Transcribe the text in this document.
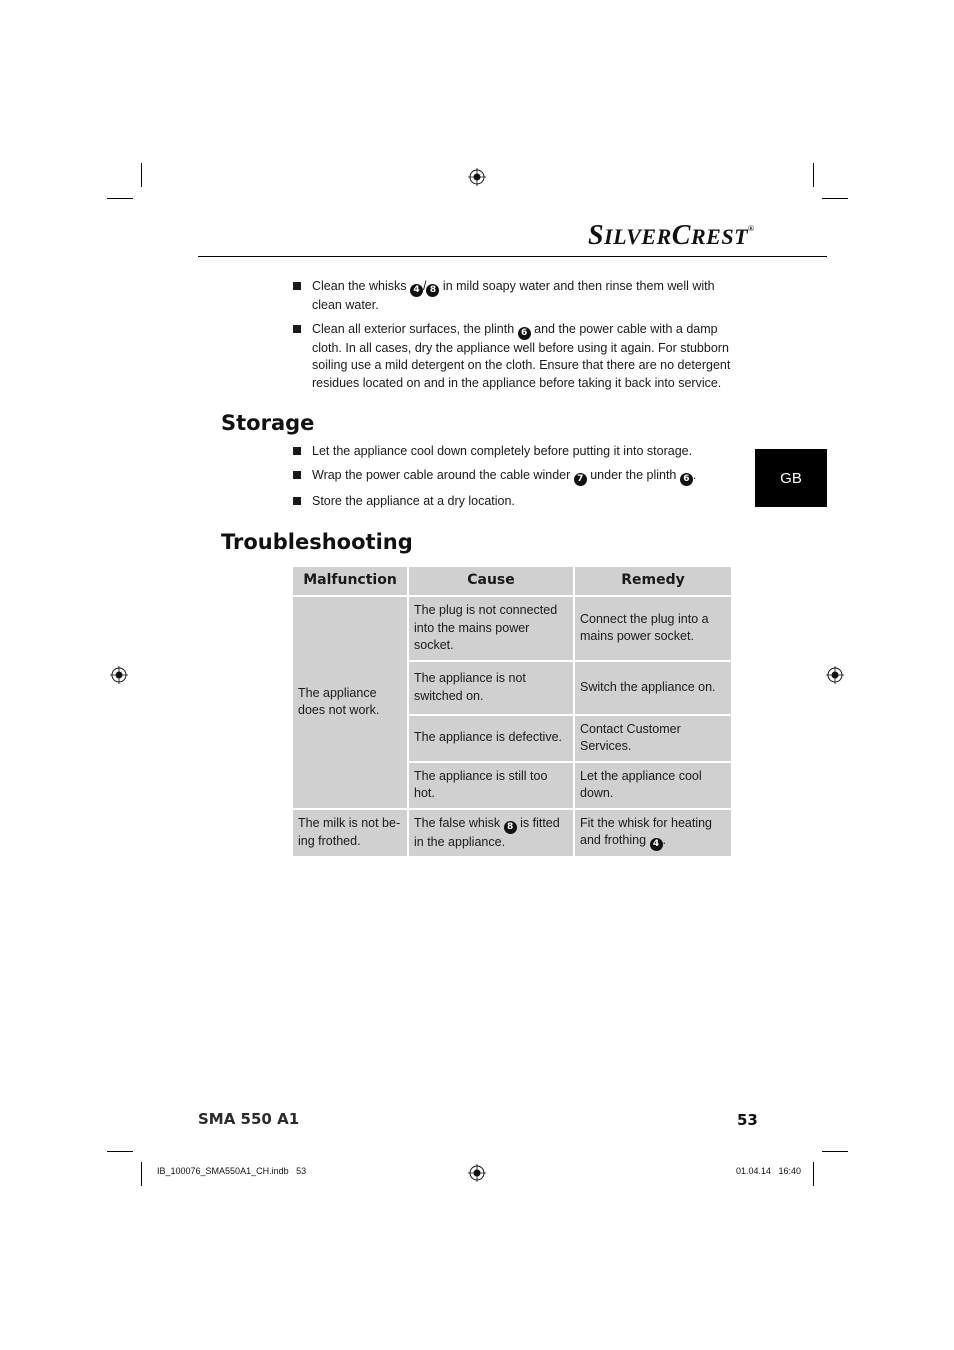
SILVERCREST®
Clean the whisks 4 / 8 in mild soapy water and then rinse them well with clean water.
Clean all exterior surfaces, the plinth 6 and the power cable with a damp cloth. In all cases, dry the appliance well before using it again. For stubborn soiling use a mild detergent on the cloth. Ensure that there are no detergent residues located on and in the appliance before taking it back into service.
Storage
Let the appliance cool down completely before putting it into storage.
Wrap the power cable around the cable winder 7 under the plinth 6 .
Store the appliance at a dry location.
GB
Troubleshooting
Malfunction	Cause	Remedy
The appliance does not work.	The plug is not connected into the mains power socket.	Connect the plug into a mains power socket.
	The appliance is not switched on.	Switch the appliance on.
	The appliance is defective.	Contact Customer Services.
	The appliance is still too hot.	Let the appliance cool down.
The milk is not be-ing frothed.	The false whisk 8 is fitted in the appliance.	Fit the whisk for heating and frothing 4 .
SMA 550 A1	53
IB_100076_SMA550A1_CH.indb   53	01.04.14   16:40
